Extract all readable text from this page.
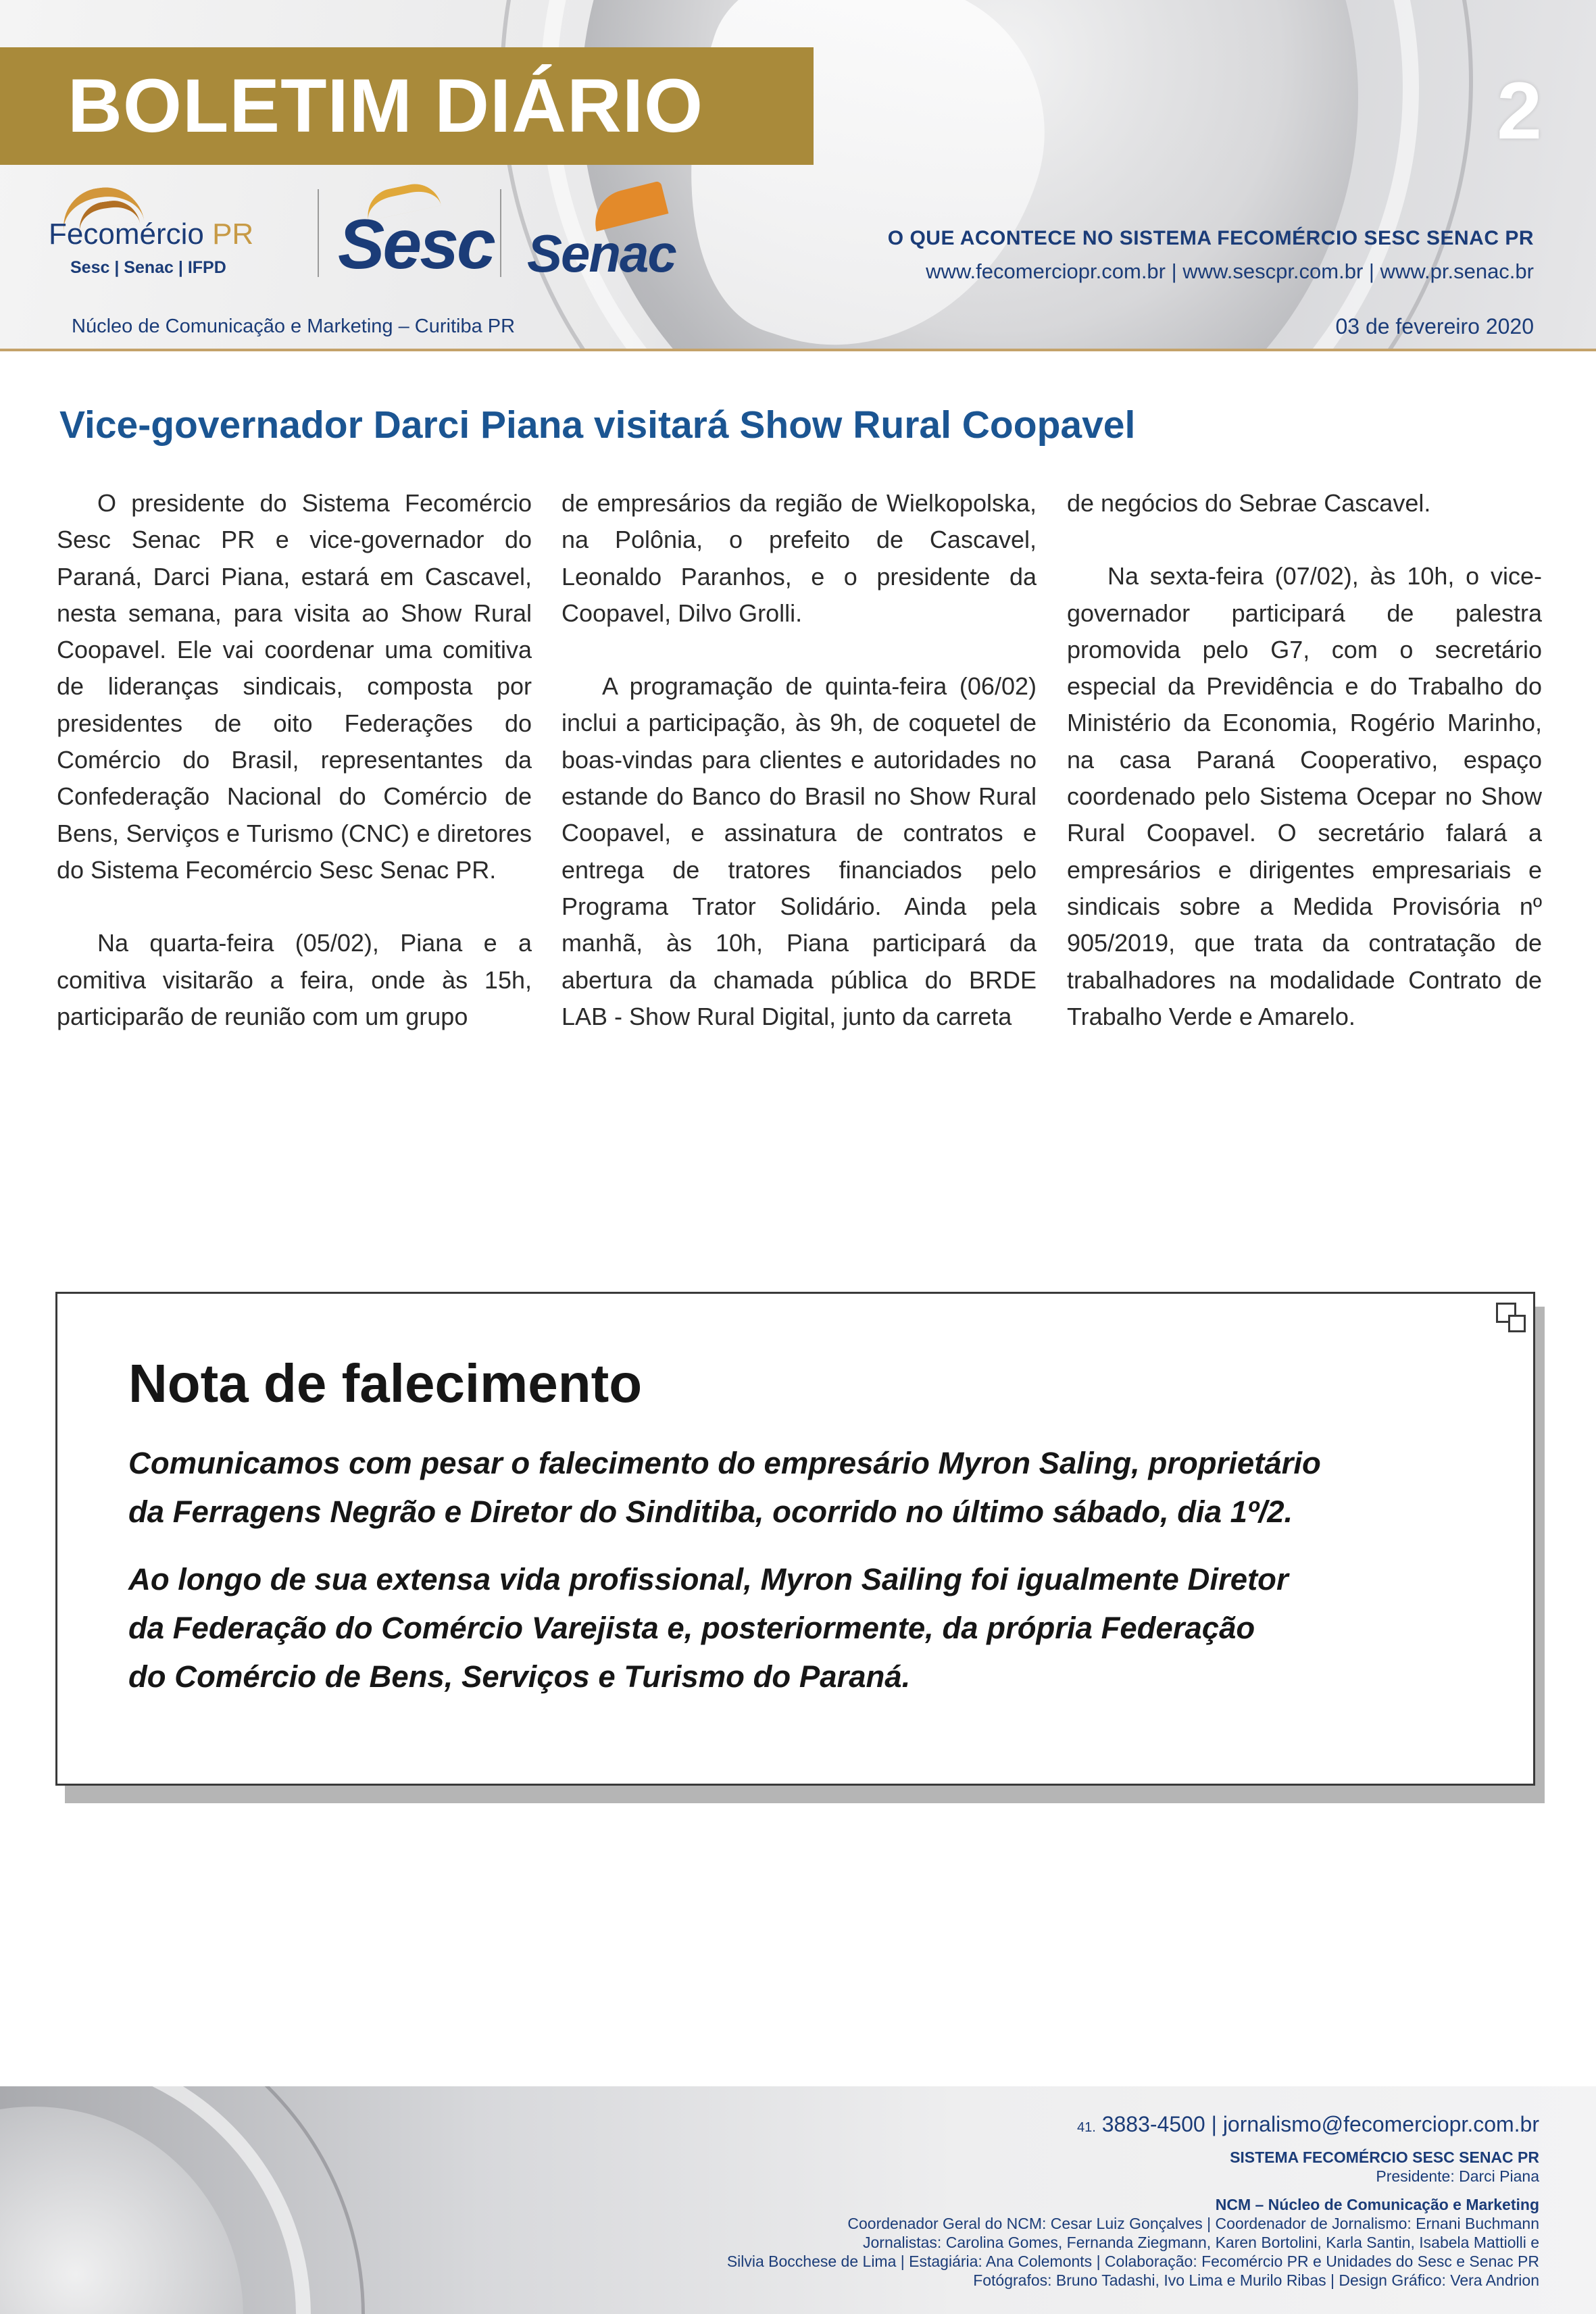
BOLETIM DIÁRIO	2
Fecomércio PR
Sesc | Senac | IFPD Sesc Senac	O QUE ACONTECE NO SISTEMA FECOMÉRCIO SESC SENAC PR
www.fecomerciopr.com.br | www.sescpr.com.br | www.pr.senac.br
Núcleo de Comunicação e Marketing – Curitiba PR	03 de fevereiro 2020
Vice-governador Darci Piana visitará Show Rural Coopavel

O presidente do Sistema Fecomércio Sesc Senac PR e vice-governador do Paraná, Darci Piana, estará em Cascavel, nesta semana, para visita ao Show Rural Coopavel. Ele vai coordenar uma comitiva de lideranças sindicais, composta por presidentes de oito Federações do Comércio do Brasil, representantes da Confederação Nacional do Comércio de Bens, Serviços e Turismo (CNC) e diretores do Sistema Fecomércio Sesc Senac PR.

Na quarta-feira (05/02), Piana e a comitiva visitarão a feira, onde às 15h, participarão de reunião com um grupo

de empresários da região de Wielkopolska, na Polônia, o prefeito de Cascavel, Leonaldo Paranhos, e o presidente da Coopavel, Dilvo Grolli.

A programação de quinta-feira (06/02) inclui a participação, às 9h, de coquetel de boas-vindas para clientes e autoridades no estande do Banco do Brasil no Show Rural Coopavel, e assinatura de contratos e entrega de tratores financiados pelo Programa Trator Solidário. Ainda pela manhã, às 10h, Piana participará da abertura da chamada pública do BRDE LAB - Show Rural Digital, junto da carreta

de negócios do Sebrae Cascavel.

Na sexta-feira (07/02), às 10h, o vice-governador participará de palestra promovida pelo G7, com o secretário especial da Previdência e do Trabalho do Ministério da Economia, Rogério Marinho, na casa Paraná Cooperativo, espaço coordenado pelo Sistema Ocepar no Show Rural Coopavel. O secretário falará a empresários e dirigentes empresariais e sindicais sobre a Medida Provisória nº 905/2019, que trata da contratação de trabalhadores na modalidade Contrato de Trabalho Verde e Amarelo.

Nota de falecimento
Comunicamos com pesar o falecimento do empresário Myron Saling, proprietário
da Ferragens Negrão e Diretor do Sinditiba, ocorrido no último sábado, dia 1º/2.
Ao longo de sua extensa vida profissional, Myron Sailing foi igualmente Diretor
da Federação do Comércio Varejista e, posteriormente, da própria Federação
do Comércio de Bens, Serviços e Turismo do Paraná.
41. 3883-4500 | jornalismo@fecomerciopr.com.br
SISTEMA FECOMÉRCIO SESC SENAC PR
Presidente: Darci Piana
NCM – Núcleo de Comunicação e Marketing
Coordenador Geral do NCM: Cesar Luiz Gonçalves | Coordenador de Jornalismo: Ernani Buchmann
Jornalistas: Carolina Gomes, Fernanda Ziegmann, Karen Bortolini, Karla Santin, Isabela Mattiolli e
Silvia Bocchese de Lima | Estagiária: Ana Colemonts | Colaboração: Fecomércio PR e Unidades do Sesc e Senac PR
Fotógrafos: Bruno Tadashi, Ivo Lima e Murilo Ribas | Design Gráfico: Vera Andrion
